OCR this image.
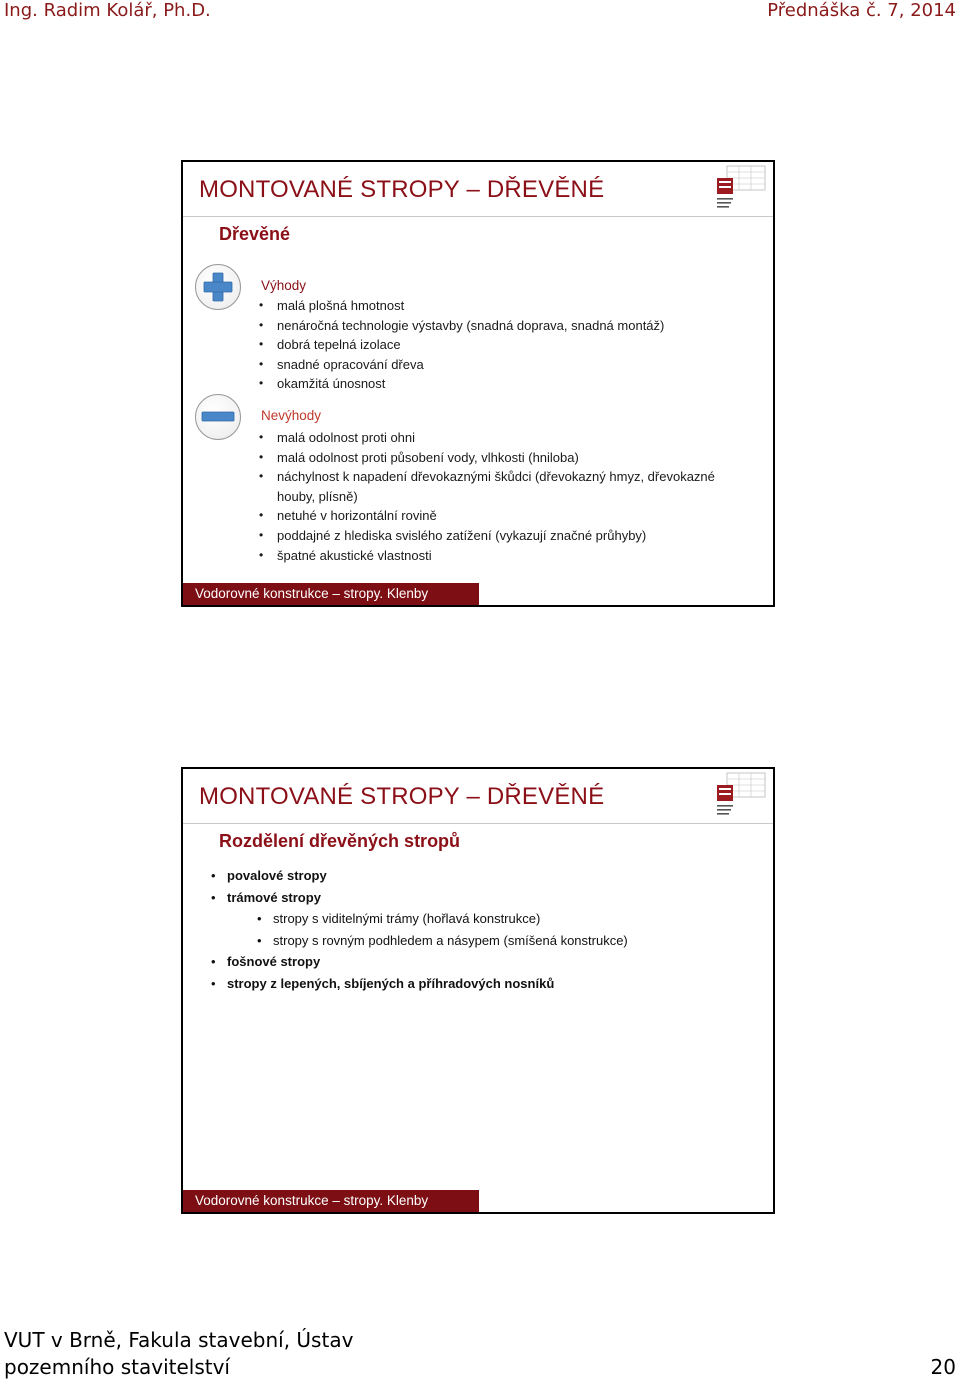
Ing. Radim Kolář, Ph.D.	Přednáška č. 7, 2014
MONTOVANÉ STROPY – DŘEVĚNÉ
Dřevěné
Výhody
• malá plošná hmotnost
• nenáročná technologie výstavby (snadná doprava, snadná montáž)
• dobrá tepelná izolace
• snadné opracování dřeva
• okamžitá únosnost
Nevýhody
• malá odolnost proti ohni
• malá odolnost proti působení vody, vlhkosti (hniloba)
• náchylnost k napadení dřevokaznými škůdci (dřevokazný hmyz, dřevokazné houby, plísně)
• netuhé v horizontální rovině
• poddajné z hlediska svislého zatížení (vykazují značné průhyby)
• špatné akustické vlastnosti
Vodorovné konstrukce – stropy. Klenby
MONTOVANÉ STROPY – DŘEVĚNÉ
Rozdělení dřevěných stropů
• povalové stropy
• trámové stropy
• stropy s viditelnými trámy (hořlavá konstrukce)
• stropy s rovným podhledem a násypem (smíšená konstrukce)
• fošnové stropy
• stropy z lepených, sbíjených a příhradových nosníků
Vodorovné konstrukce – stropy. Klenby
VUT v Brně, Fakula stavební, Ústav
pozemního stavitelství	20
